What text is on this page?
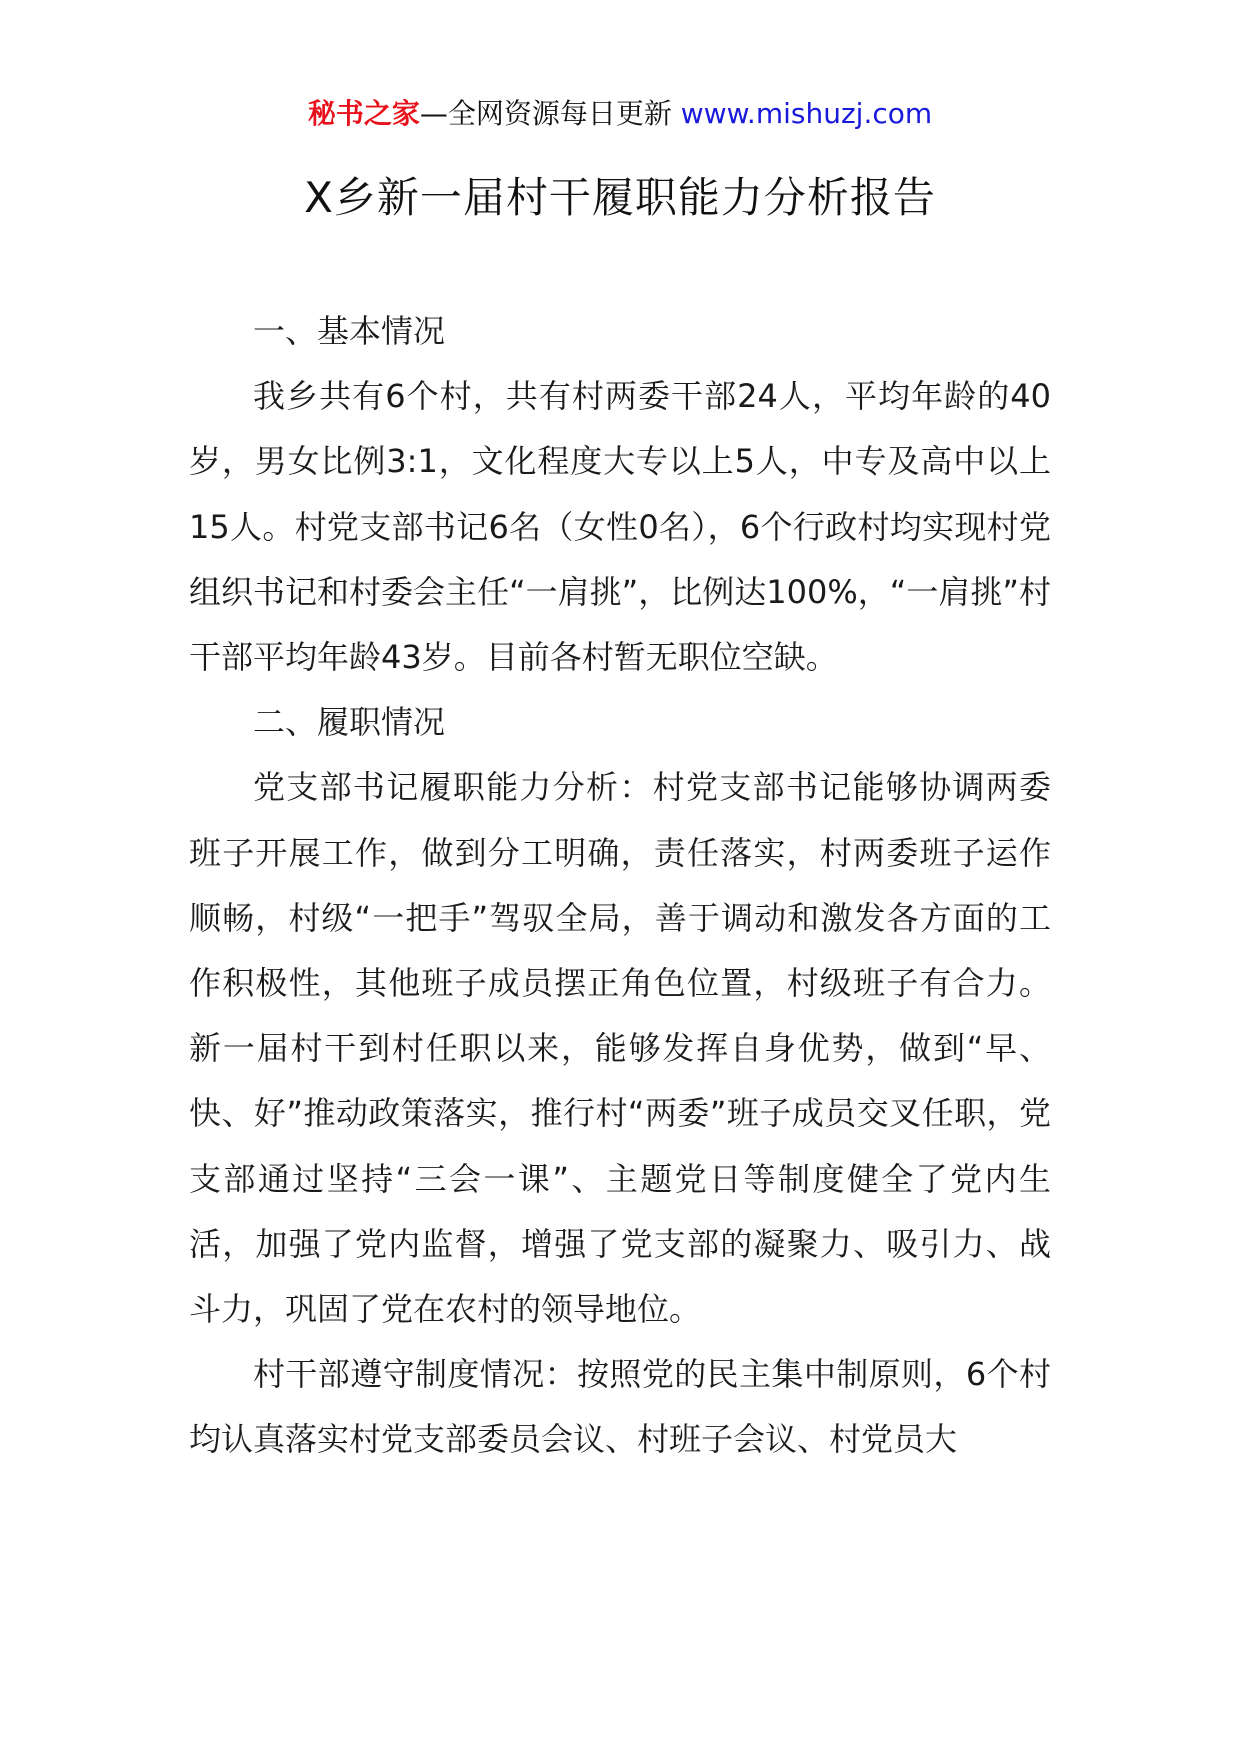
秘书之家—全网资源每日更新 www.mishuzj.com
X乡新一届村干履职能力分析报告

一、基本情况

我乡共有6个村，共有村两委干部24人，平均年龄的40岁，男女比例3:1，文化程度大专以上5人，中专及高中以上15人。村党支部书记6名（女性0名），6个行政村均实现村党组织书记和村委会主任“一肩挑”，比例达100%，“一肩挑”村干部平均年龄43岁。目前各村暂无职位空缺。

二、履职情况

党支部书记履职能力分析：村党支部书记能够协调两委班子开展工作，做到分工明确，责任落实，村两委班子运作顺畅，村级“一把手”驾驭全局，善于调动和激发各方面的工作积极性，其他班子成员摆正角色位置，村级班子有合力。新一届村干到村任职以来，能够发挥自身优势，做到“早、快、好”推动政策落实，推行村“两委”班子成员交叉任职，党支部通过坚持“三会一课”、主题党日等制度健全了党内生活，加强了党内监督，增强了党支部的凝聚力、吸引力、战斗力，巩固了党在农村的领导地位。

村干部遵守制度情况：按照党的民主集中制原则，6个村均认真落实村党支部委员会议、村班子会议、村党员大
